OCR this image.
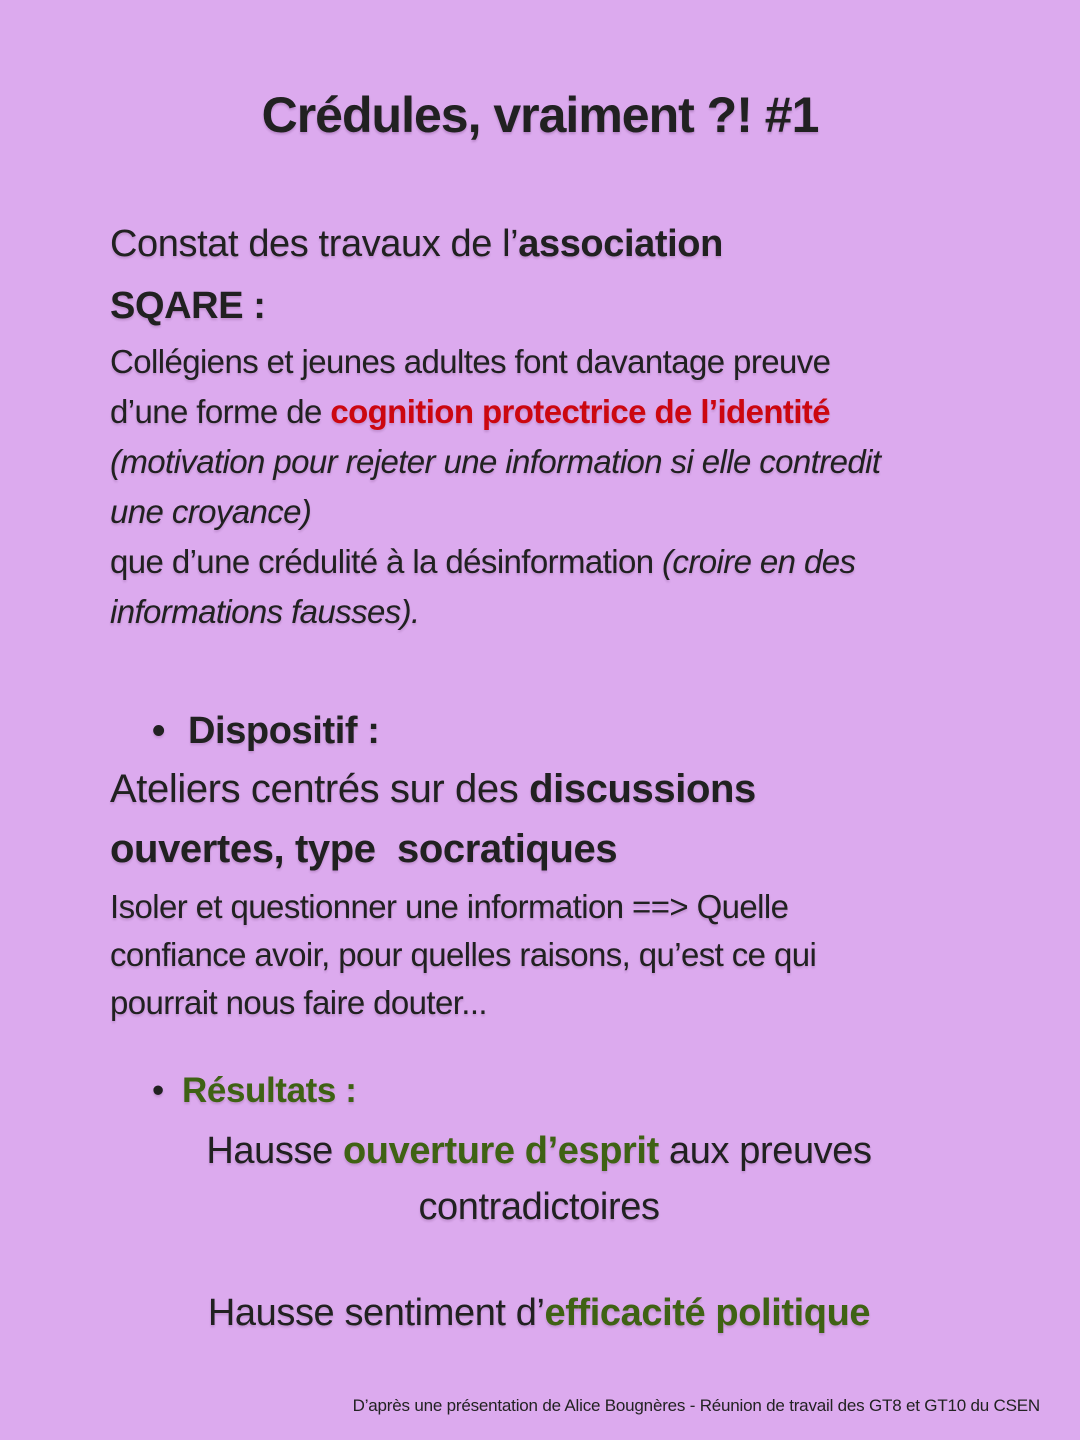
Crédules, vraiment ?! #1
Constat des travaux de l’association
SQARE :
Collégiens et jeunes adultes font davantage preuve
d’une forme de cognition protectrice de l’identité
(motivation pour rejeter une information si elle contredit
une croyance)
que d’une crédulité à la désinformation (croire en des
informations fausses).
•
Dispositif :
Ateliers centrés sur des discussions
ouvertes, type  socratiques
Isoler et questionner une information ==> Quelle
confiance avoir, pour quelles raisons, qu’est ce qui
pourrait nous faire douter...
•
Résultats :
Hausse ouverture d’esprit aux preuves
contradictoires
Hausse sentiment d’efficacité politique
D’après une présentation de Alice Bougnères - Réunion de travail des GT8 et GT10 du CSEN
